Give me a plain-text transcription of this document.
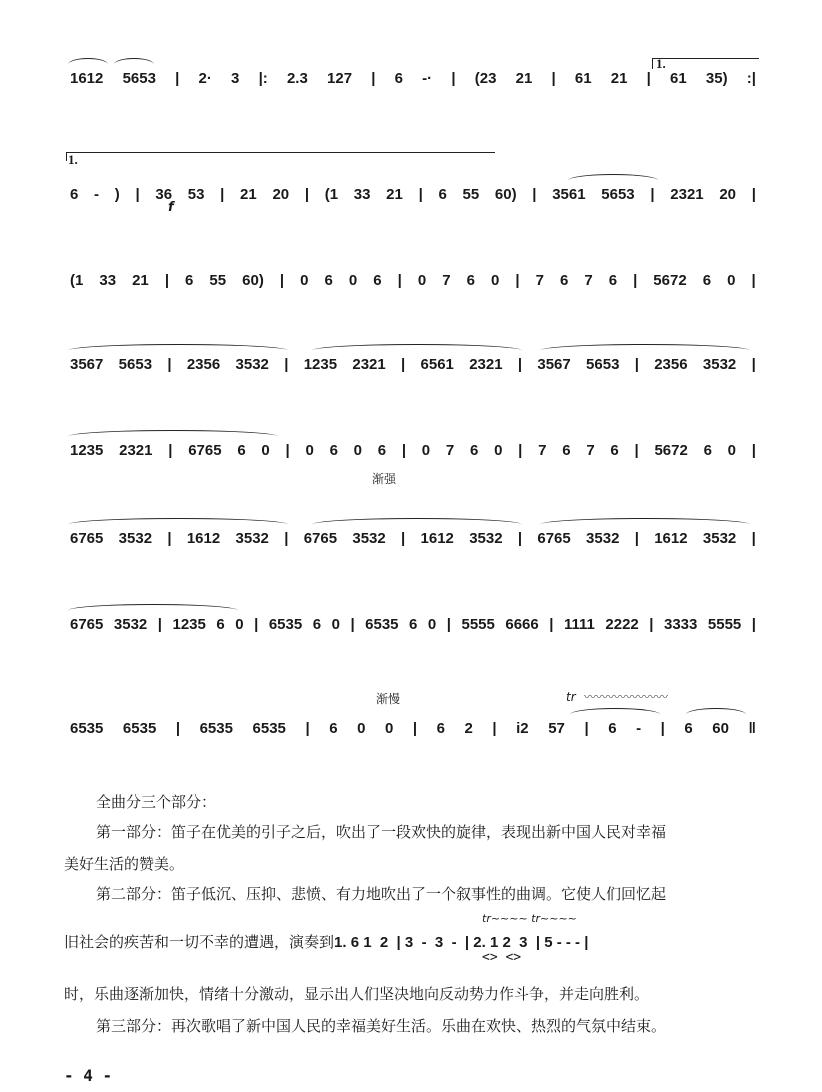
1612 5653 | 2· 3 |: 2.3 127 | 6 -· | (23 21 | 61 21 | 61 35) :|
1.
6 - ) | 36 53 | 21 20 | (1 33 21 | 6 55 60) | 3561 5653 | 2321 20 |
1.
f
(1 33 21 | 6 55 60) | 0 6 0 6 | 0 7 6 0 | 7 6 7 6 | 5672 6 0 |
3567 5653 | 2356 3532 | 1235 2321 | 6561 2321 | 3567 5653 | 2356 3532 |
1235 2321 | 6765 6 0 | 0 6 0 6 | 0 7 6 0 | 7 6 7 6 | 5672 6 0 |
渐强
6765 3532 | 1612 3532 | 6765 3532 | 1612 3532 | 6765 3532 | 1612 3532 |
6765 3532 | 1235 6 0 | 6535 6 0 | 6535 6 0 | 5555 6666 | 1111 2222 | 3333 5555 |
渐慢	tr 〰〰〰〰〰〰〰
6535 6535 | 6535 6535 | 6 0 0 | 6 2 | i2 57 | 6 - | 6 60 ‖
全曲分三个部分：
第一部分：笛子在优美的引子之后，吹出了一段欢快的旋律，表现出新中国人民对幸福
美好生活的赞美。
第二部分：笛子低沉、压抑、悲愤、有力地吹出了一个叙事性的曲调。它使人们回忆起
旧社会的疾苦和一切不幸的遭遇，演奏到1. 6 1  2  | 3  -  3  -  | 2. 1 2  3  | 5 - - - |
tr~~~~ tr~~~~
<> <>
时，乐曲逐渐加快，情绪十分激动，显示出人们坚决地向反动势力作斗争，并走向胜利。
第三部分：再次歌唱了新中国人民的幸福美好生活。乐曲在欢快、热烈的气氛中结束。
- 4 -
